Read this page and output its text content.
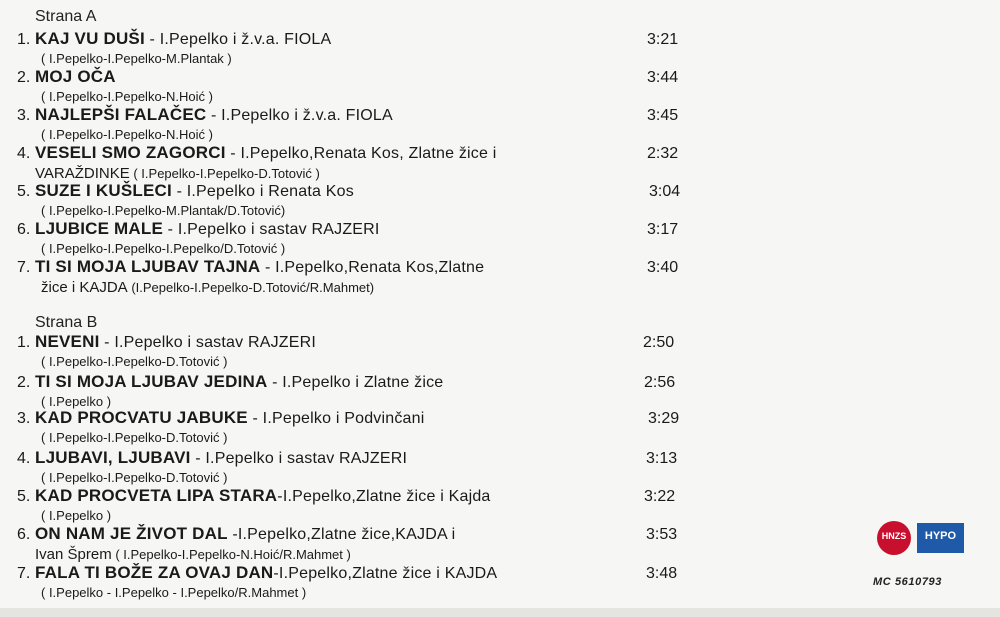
Strana A
1. KAJ VU DUŠI - I.Pepelko i ž.v.a. FIOLA	3:21
( I.Pepelko-I.Pepelko-M.Plantak )
2. MOJ OČA	3:44
( I.Pepelko-I.Pepelko-N.Hoić )
3. NAJLEPŠI FALAČEC - I.Pepelko i ž.v.a. FIOLA	3:45
( I.Pepelko-I.Pepelko-N.Hoić )
4. VESELI SMO ZAGORCI - I.Pepelko,Renata Kos, Zlatne žice i	2:32
VARAŽDINKE ( I.Pepelko-I.Pepelko-D.Totović )
5. SUZE I KUŠLECI - I.Pepelko i Renata Kos	3:04
( I.Pepelko-I.Pepelko-M.Plantak/D.Totović)
6. LJUBICE MALE - I.Pepelko i sastav RAJZERI	3:17
( I.Pepelko-I.Pepelko-I.Pepelko/D.Totović )
7. TI SI MOJA LJUBAV TAJNA - I.Pepelko,Renata Kos,Zlatne	3:40
žice i KAJDA (I.Pepelko-I.Pepelko-D.Totović/R.Mahmet)
Strana B
1. NEVENI - I.Pepelko i sastav RAJZERI	2:50
( I.Pepelko-I.Pepelko-D.Totović )
2. TI SI MOJA LJUBAV JEDINA - I.Pepelko i Zlatne žice	2:56
( I.Pepelko )
3. KAD PROCVATU JABUKE - I.Pepelko i Podvinčani	3:29
( I.Pepelko-I.Pepelko-D.Totović )
4. LJUBAVI, LJUBAVI - I.Pepelko i sastav RAJZERI	3:13
( I.Pepelko-I.Pepelko-D.Totović )
5. KAD PROCVETA LIPA STARA-I.Pepelko,Zlatne žice i Kajda	3:22
( I.Pepelko )
6. ON NAM JE ŽIVOT DAL -I.Pepelko,Zlatne žice,KAJDA i	3:53
Ivan Šprem ( I.Pepelko-I.Pepelko-N.Hoić/R.Mahmet )
7. FALA TI BOŽE ZA OVAJ DAN-I.Pepelko,Zlatne žice i KAJDA	3:48
( I.Pepelko - I.Pepelko - I.Pepelko/R.Mahmet )
HNZS	HYPO
MC 5610793
